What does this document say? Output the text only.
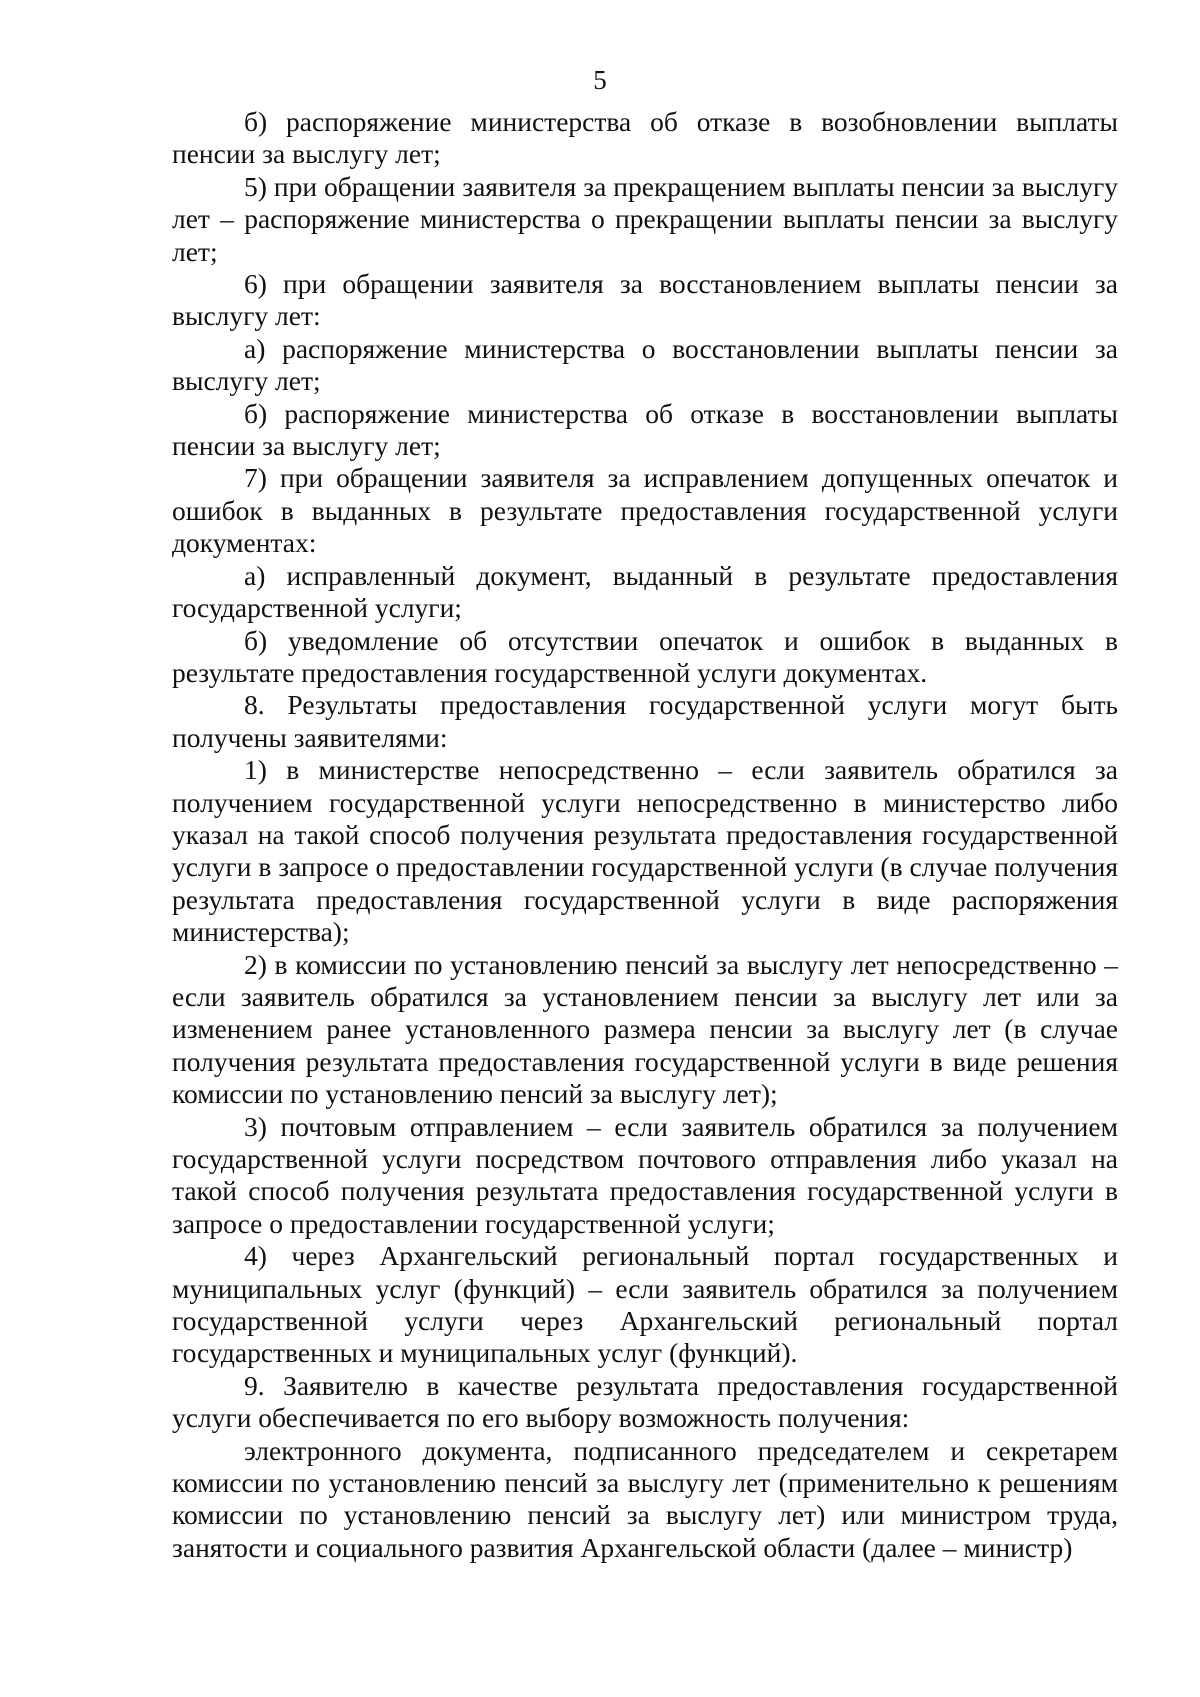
5

б) распоряжение министерства об отказе в возобновлении выплаты пенсии за выслугу лет;

5) при обращении заявителя за прекращением выплаты пенсии за выслугу лет – распоряжение министерства о прекращении выплаты пенсии за выслугу лет;

6) при обращении заявителя за восстановлением выплаты пенсии за выслугу лет:

а) распоряжение министерства о восстановлении выплаты пенсии за выслугу лет;

б) распоряжение министерства об отказе в восстановлении выплаты пенсии за выслугу лет;

7) при обращении заявителя за исправлением допущенных опечаток и ошибок в выданных в результате предоставления государственной услуги документах:

а) исправленный документ, выданный в результате предоставления государственной услуги;

б) уведомление об отсутствии опечаток и ошибок в выданных в результате предоставления государственной услуги документах.

8. Результаты предоставления государственной услуги могут быть получены заявителями:

1) в министерстве непосредственно – если заявитель обратился за получением государственной услуги непосредственно в министерство либо указал на такой способ получения результата предоставления государственной услуги в запросе о предоставлении государственной услуги (в случае получения результата предоставления государственной услуги в виде распоряжения министерства);

2) в комиссии по установлению пенсий за выслугу лет непосредственно – если заявитель обратился за установлением пенсии за выслугу лет или за изменением ранее установленного размера пенсии за выслугу лет (в случае получения результата предоставления государственной услуги в виде решения комиссии по установлению пенсий за выслугу лет);

3) почтовым отправлением – если заявитель обратился за получением государственной услуги посредством почтового отправления либо указал на такой способ получения результата предоставления государственной услуги в запросе о предоставлении государственной услуги;

4) через Архангельский региональный портал государственных и муниципальных услуг (функций) – если заявитель обратился за получением государственной услуги через Архангельский региональный портал государственных и муниципальных услуг (функций).

9. Заявителю в качестве результата предоставления государственной услуги обеспечивается по его выбору возможность получения:

электронного документа, подписанного председателем и секретарем комиссии по установлению пенсий за выслугу лет (применительно к решениям комиссии по установлению пенсий за выслугу лет) или министром труда, занятости и социального развития Архангельской области (далее – министр)
